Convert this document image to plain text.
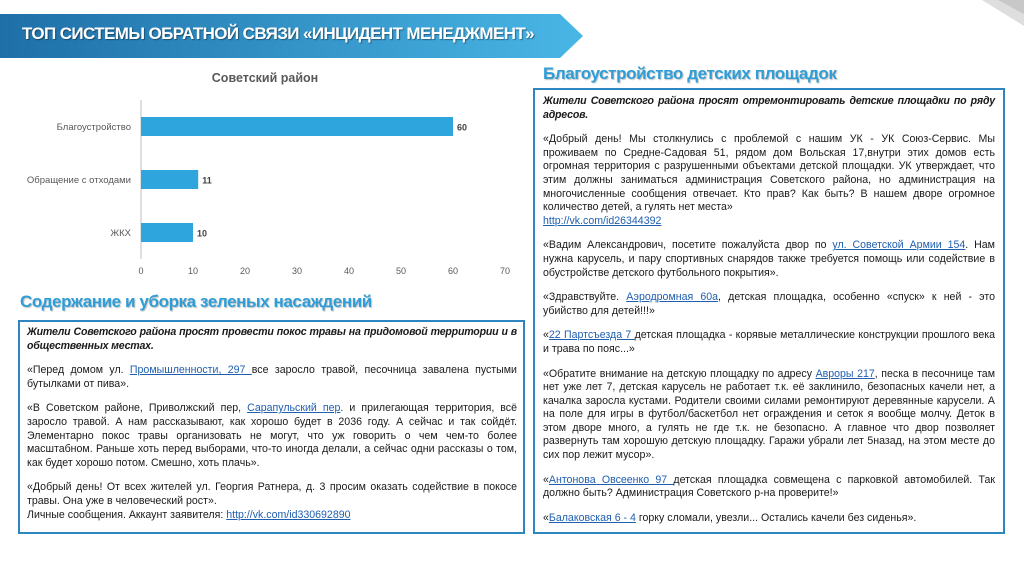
ТОП СИСТЕМЫ ОБРАТНОЙ СВЯЗИ «ИНЦИДЕНТ МЕНЕДЖМЕНТ»
Советский район
0	10	20	30	40	50	60	70
Благоустройство	60
Обращение с отходами	11
ЖКХ	10
Содержание и уборка зеленых насаждений

Жители Советского района просят провести покос травы на придомовой территории и в общественных местах.

«Перед домом ул. Промышленности, 297 все заросло травой, песочница завалена пустыми бутылками от пива».

«В Советском районе, Приволжский пер, Сарапульский пер. и прилегающая территория, всё заросло травой. А нам рассказывают, как хорошо будет в 2036 году. А сейчас и так сойдёт. Элементарно покос травы организовать не могут, что уж говорить о чем чем-то более масштабном. Раньше хоть перед выборами, что-то иногда делали, а сейчас одни рассказы о том, как будет хорошо потом. Смешно, хоть плачь».

«Добрый день! От всех жителей ул. Георгия Ратнера, д. 3 просим оказать содействие в покосе травы. Она уже в человеческий рост».
Личные сообщения. Аккаунт заявителя: http://vk.com/id330692890

Благоустройство детских площадок

Жители Советского района просят отремонтировать детские площадки по ряду адресов.

«Добрый день! Мы столкнулись с проблемой с нашим УК - УК Союз-Сервис. Мы проживаем по Средне-Садовая 51, рядом дом Вольская 17,внутри этих домов есть огромная территория с разрушенными объектами детской площадки. УК утверждает, что этим должны заниматься администрация Советского района, но администрация на многочисленные сообщения отвечает. Кто прав? Как быть? В нашем дворе огромное количество детей, а гулять нет места»
http://vk.com/id26344392

«Вадим Александрович, посетите пожалуйста двор по ул. Советской Армии 154. Нам нужна карусель, и пару спортивных снарядов также требуется помощь или содействие в обустройстве детского футбольного покрытия».

«Здравствуйте. Аэродромная 60а, детская площадка, особенно «спуск» к ней - это убийство для детей!!!»

«22 Партсъезда 7 детская площадка - корявые металлические конструкции прошлого века и трава по пояс...»

«Обратите внимание на детскую площадку по адресу Авроры 217, песка в песочнице там нет уже лет 7, детская карусель не работает т.к. её заклинило, безопасных качели нет, а качалка заросла кустами. Родители своими силами ремонтируют деревянные карусели. А на поле для игры в футбол/баскетбол нет ограждения и сеток я вообще молчу. Деток в этом дворе много, а гулять не где т.к. не безопасно. А главное что двор позволяет развернуть там хорошую детскую площадку. Гаражи убрали лет 5назад, на этом месте до сих пор лежит мусор».

«Антонова Овсеенко 97 детская площадка совмещена с парковкой автомобилей. Так должно быть? Администрация Советского р-на проверите!»

«Балаковская 6 - 4 горку сломали, увезли... Остались качели без сиденья».
